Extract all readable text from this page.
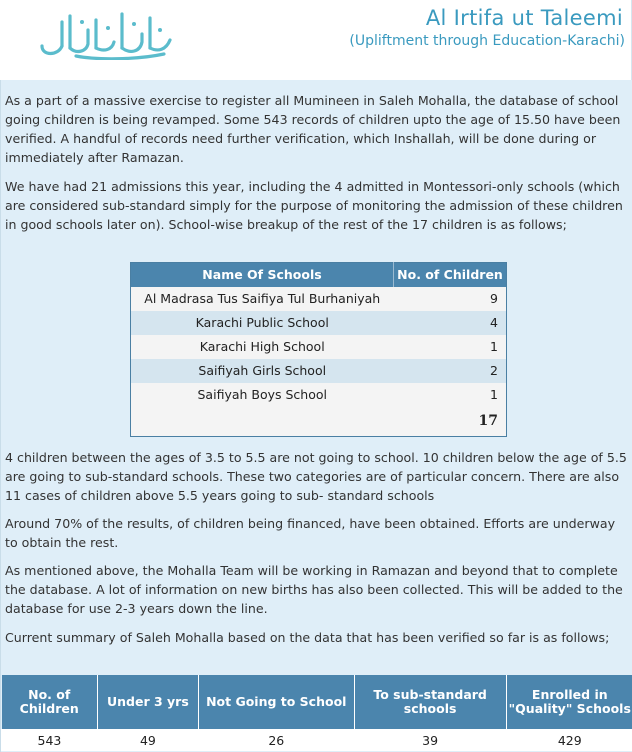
Al Irtifa ut Taleemi
(Upliftment through Education-Karachi)

As a part of a massive exercise to register all Mumineen in Saleh Mohalla, the database of school going children is being revamped. Some 543 records of children upto the age of 15.50 have been verified. A handful of records need further verification, which Inshallah, will be done during or immediately after Ramazan.

We have had 21 admissions this year, including the 4 admitted in Montessori-only schools (which are considered sub-standard simply for the purpose of monitoring the admission of these children in good schools later on). School-wise breakup of the rest of the 17 children is as follows;

Name Of Schools	No. of Children
Al Madrasa Tus Saifiya Tul Burhaniyah	9
Karachi Public School	4
Karachi High School	1
Saifiyah Girls School	2
Saifiyah Boys School	1
	17

4 children between the ages of 3.5 to 5.5 are not going to school. 10 children below the age of 5.5 are going to sub-standard schools. These two categories are of particular concern. There are also 11 cases of children above 5.5 years going to sub- standard schools

Around 70% of the results, of children being financed, have been obtained. Efforts are underway to obtain the rest.

As mentioned above, the Mohalla Team will be working in Ramazan and beyond that to complete the database. A lot of information on new births has also been collected. This will be added to the database for use 2-3 years down the line.

Current summary of Saleh Mohalla based on the data that has been verified so far is as follows;

No. of Children	Under 3 yrs	Not Going to School	To sub-standard schools	Enrolled in "Quality" Schools
543	49	26	39	429
